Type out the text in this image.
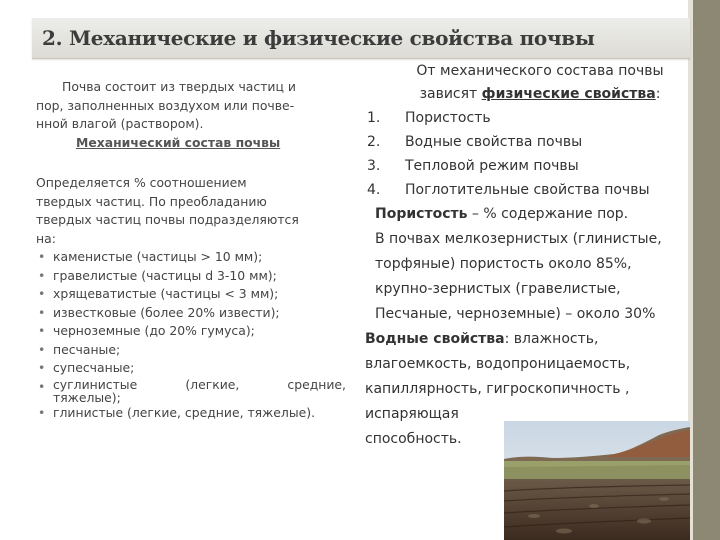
2. Механические и физические свойства почвы

Почва состоит из твердых частиц и
пор, заполненных воздухом или почве-
нной влагой (раствором).

Механический состав почвы

Определяется % соотношением
твердых частиц. По преобладанию
твердых частиц почвы подразделяются
на:

• каменистые (частицы > 10 мм);
• гравелистые (частицы d 3-10 мм);
• хрящеватистые (частицы < 3 мм);
• известковые (более 20% извести);
• черноземные (до 20% гумуса);
• песчаные;
• супесчаные;
• суглинистые (легкие, средние,
тяжелые);
• глинистые (легкие, средние, тяжелые).

От механического состава почвы
зависят физические свойства:

1. Пористость
2. Водные свойства почвы
3. Тепловой режим почвы
4. Поглотительные свойства почвы

Пористость – % содержание пор.
В почвах мелкозернистых (глинистые,
торфяные) пористость около 85%,
крупно-зернистых (гравелистые,
Песчаные, черноземные) – около 30%

Водные свойства: влажность,
влагоемкость, водопроницаемость,
капиллярность, гигроскопичность ,
испаряющая
способность.
